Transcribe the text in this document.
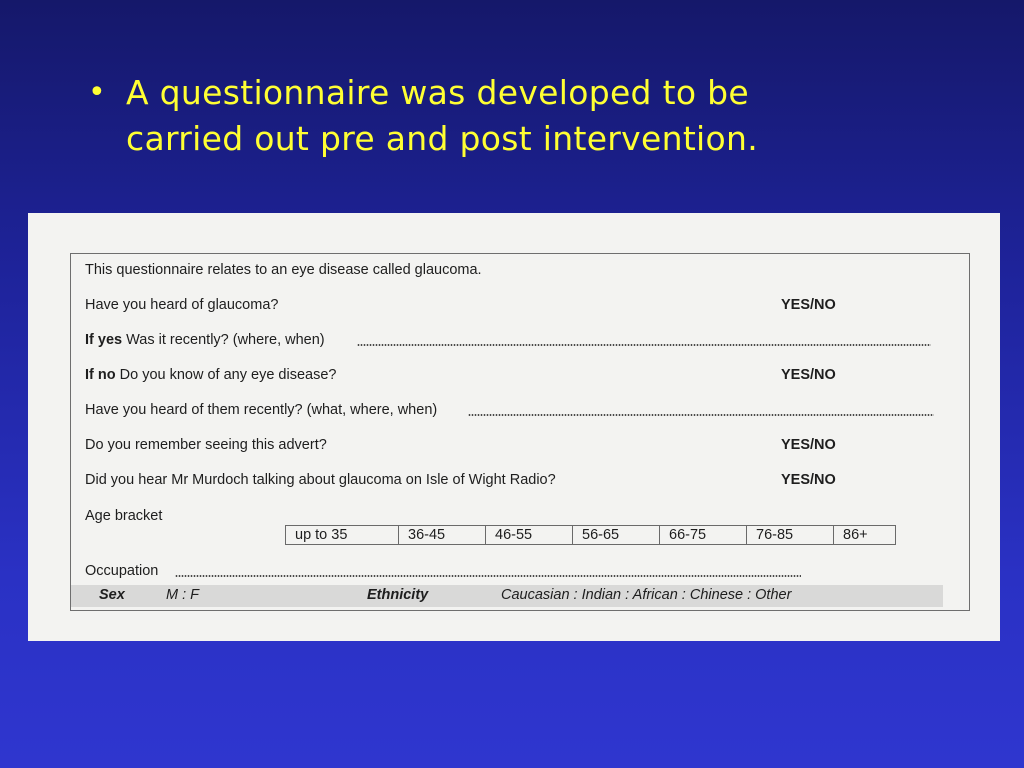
• A questionnaire was developed to be
carried out pre and post intervention.
This questionnaire relates to an eye disease called glaucoma.
Have you heard of glaucoma?	YES/NO
If yes Was it recently? (where, when)
If no Do you know of any eye disease?	YES/NO
Have you heard of them recently? (what, where, when)
Do you remember seeing this advert?	YES/NO
Did you hear Mr Murdoch talking about glaucoma on Isle of Wight Radio?	YES/NO
Age bracket
up to 35	36-45	46-55	56-65	66-75	76-85	86+
Occupation
Sex	M : F	Ethnicity	Caucasian : Indian : African : Chinese : Other
